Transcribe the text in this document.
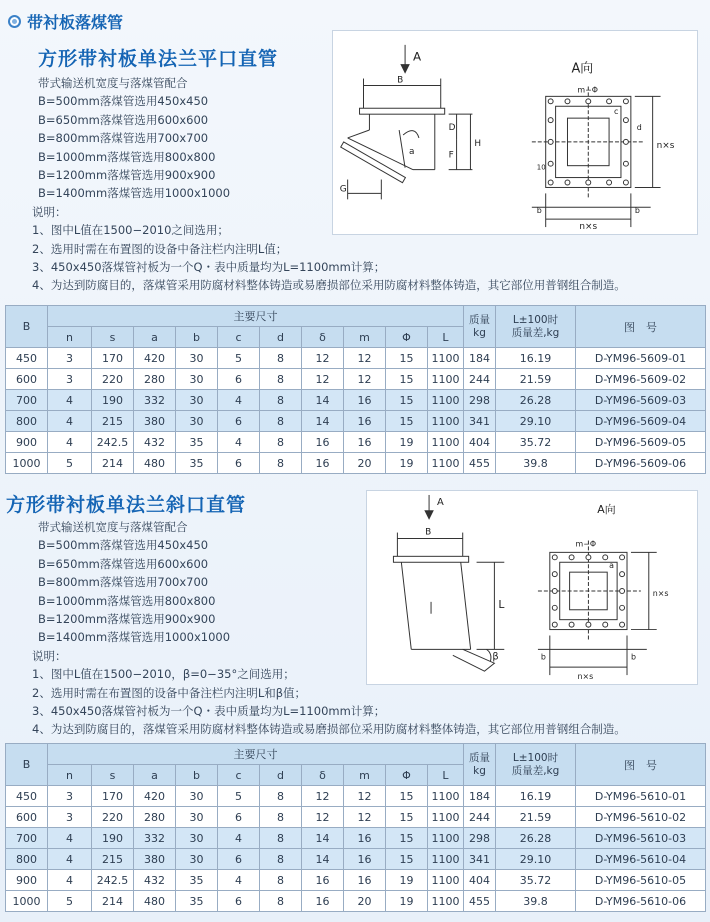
带衬板落煤管
方形带衬板单法兰平口直管
带式输送机宽度与落煤管配合
B=500mm落煤管选用450x450
B=650mm落煤管选用600x600
B=800mm落煤管选用700x700
B=1000mm落煤管选用800x800
B=1200mm落煤管选用900x900
B=1400mm落煤管选用1000x1000
说明：
1、图中L值在1500−2010之间选用；
2、选用时需在布置图的设备中备注栏内注明L值；
3、450x450落煤管衬板为一个Q・表中质量均为L=1100mm计算；
4、为达到防腐目的，落煤管采用防腐材料整体铸造或易磨损部位采用防腐材料整体铸造，其它部位用普钢组合制造。
A
B
D
H
F
a
G
A向
m−Φ
n×s
n×s
b	b
10
c
d
B	主要尺寸										质量
kg	L±100时
质量差,kg	图　号
	n	s	a	b	c	d	δ	m	Φ	L			
450	3	170	420	30	5	8	12	12	15	1100	184	16.19	D-YM96-5609-01
600	3	220	280	30	6	8	12	12	15	1100	244	21.59	D-YM96-5609-02
700	4	190	332	30	4	8	14	16	15	1100	298	26.28	D-YM96-5609-03
800	4	215	380	30	6	8	14	16	15	1100	341	29.10	D-YM96-5609-04
900	4	242.5	432	35	4	8	16	16	19	1100	404	35.72	D-YM96-5609-05
1000	5	214	480	35	6	8	16	20	19	1100	455	39.8	D-YM96-5609-06
方形带衬板单法兰斜口直管
带式输送机宽度与落煤管配合
B=500mm落煤管选用450x450
B=650mm落煤管选用600x600
B=800mm落煤管选用700x700
B=1000mm落煤管选用800x800
B=1200mm落煤管选用900x900
B=1400mm落煤管选用1000x1000
说明：
1、图中L值在1500−2010，β=0−35°之间选用；
2、选用时需在布置图的设备中备注栏内注明L和β值；
3、450x450落煤管衬板为一个Q・表中质量均为L=1100mm计算；
4、为达到防腐目的，落煤管采用防腐材料整体铸造或易磨损部位采用防腐材料整体铸造，其它部位用普钢组合制造。
A
B
L
β
A向
m−Φ
n×s
n×s
b	b
a
B	主要尺寸										质量
kg	L±100时
质量差,kg	图　号
	n	s	a	b	c	d	δ	m	Φ	L			
450	3	170	420	30	5	8	12	12	15	1100	184	16.19	D-YM96-5610-01
600	3	220	280	30	6	8	12	12	15	1100	244	21.59	D-YM96-5610-02
700	4	190	332	30	4	8	14	16	15	1100	298	26.28	D-YM96-5610-03
800	4	215	380	30	6	8	14	16	15	1100	341	29.10	D-YM96-5610-04
900	4	242.5	432	35	4	8	16	16	19	1100	404	35.72	D-YM96-5610-05
1000	5	214	480	35	6	8	16	20	19	1100	455	39.8	D-YM96-5610-06
